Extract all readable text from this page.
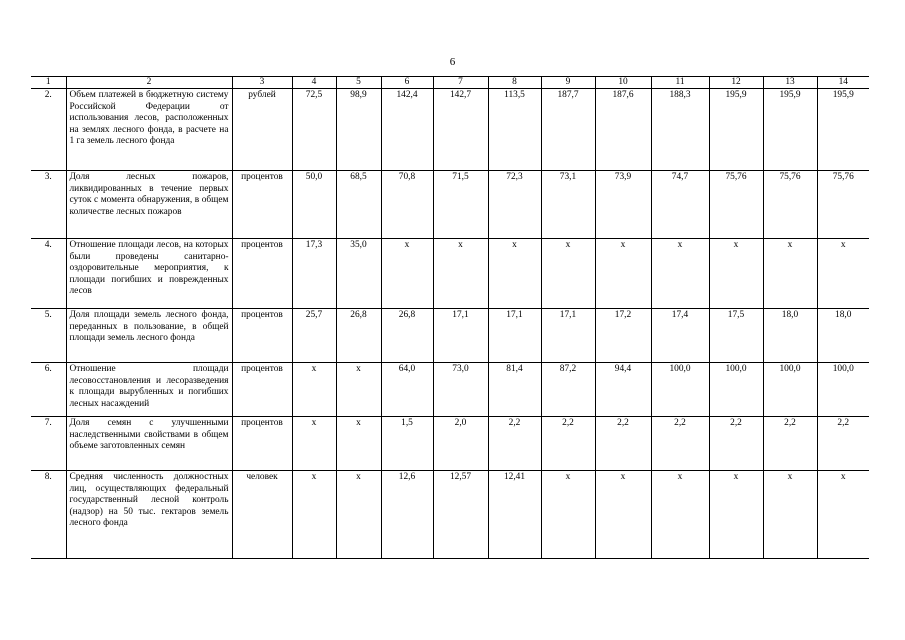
6
1	2	3	4	5	6	7	8	9	10	11	12	13	14
2.	Объем платежей в бюджетную систему Российской Федерации от использования лесов, расположенных на землях лесного фонда, в расчете на 1 га земель лесного фонда	рублей	72,5	98,9	142,4	142,7	113,5	187,7	187,6	188,3	195,9	195,9	195,9
3.	Доля лесных пожаров, ликвидированных в течение первых суток с момента обнаружения, в общем количестве лесных пожаров	процентов	50,0	68,5	70,8	71,5	72,3	73,1	73,9	74,7	75,76	75,76	75,76
4.	Отношение площади лесов, на которых были проведены санитарно-оздоровительные мероприятия, к площади погибших и поврежденных лесов	процентов	17,3	35,0	x	x	x	x	x	x	x	x	x
5.	Доля площади земель лесного фонда, переданных в пользование, в общей площади земель лесного фонда	процентов	25,7	26,8	26,8	17,1	17,1	17,1	17,2	17,4	17,5	18,0	18,0
6.	Отношение площади лесовосстановления и лесоразведения к площади вырубленных и погибших лесных насаждений	процентов	x	x	64,0	73,0	81,4	87,2	94,4	100,0	100,0	100,0	100,0
7.	Доля семян с улучшенными наследственными свойствами в общем объеме заготовленных семян	процентов	x	x	1,5	2,0	2,2	2,2	2,2	2,2	2,2	2,2	2,2
8.	Средняя численность должностных лиц, осуществляющих федеральный государственный лесной контроль (надзор) на 50 тыс. гектаров земель лесного фонда	человек	x	x	12,6	12,57	12,41	x	x	x	x	x	x
